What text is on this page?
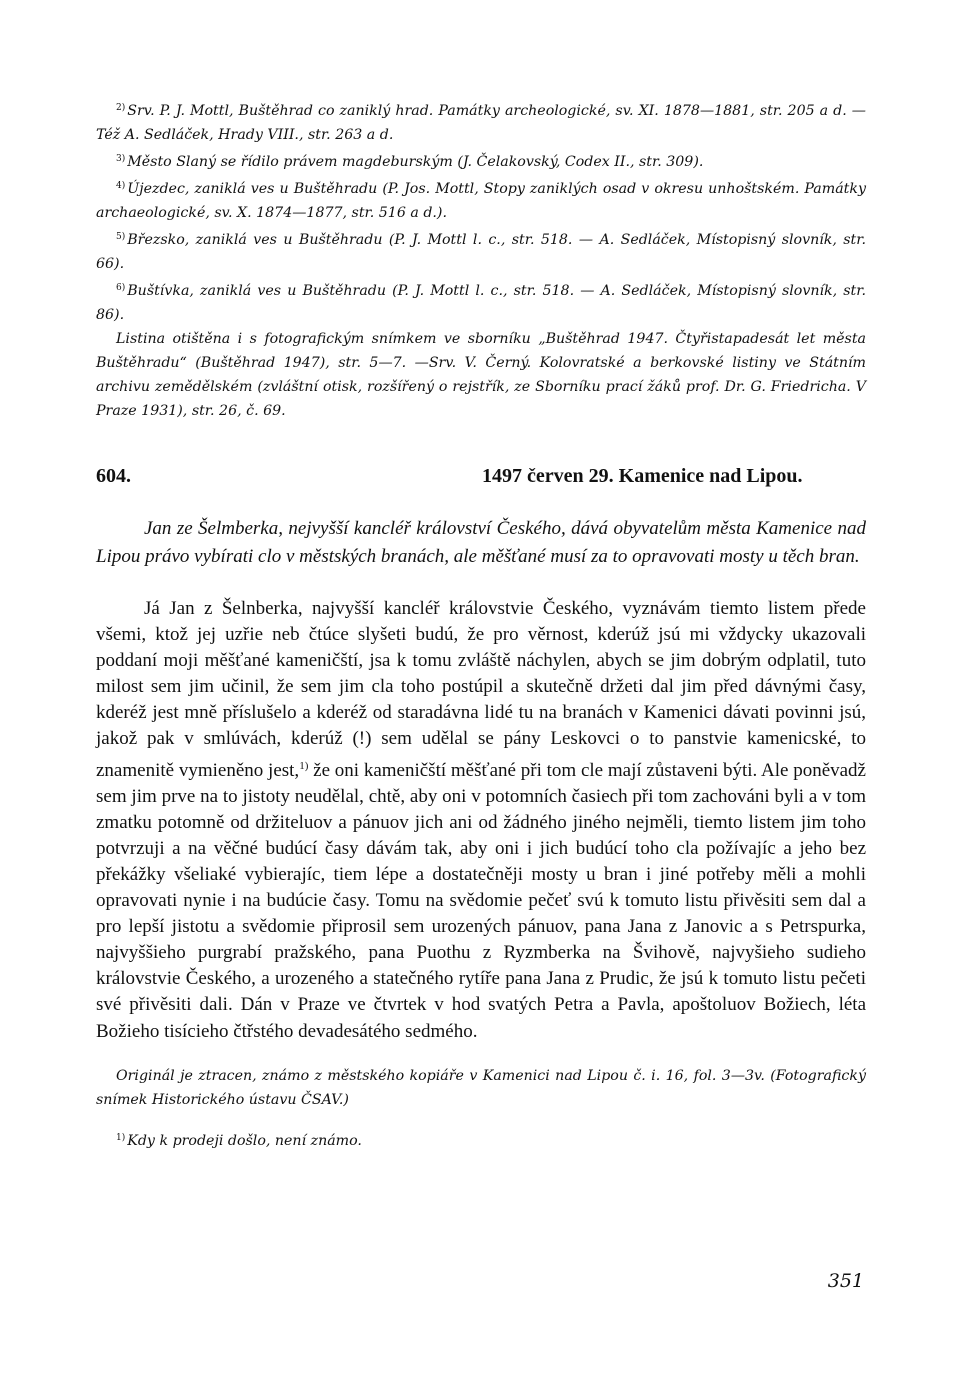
$^{2)}$ Srv. P. J. Mottl, Buštěhrad co zaniklý hrad. Památky archeologické, sv. XI. 1878—1881, str. 205 a d. — Též A. Sedláček, Hrady VIII., str. 263 a d.

$^{3)}$ Město Slaný se řídilo právem magdeburským (J. Čelakovský, Codex II., str. 309).

$^{4)}$ Újezdec, zaniklá ves u Buštěhradu (P. Jos. Mottl, Stopy zaniklých osad v okresu unhoštském. Památky archaeologické, sv. X. 1874—1877, str. 516 a d.).

$^{5)}$ Březsko, zaniklá ves u Buštěhradu (P. J. Mottl l. c., str. 518. — A. Sedláček, Místopisný slovník, str. 66).

$^{6)}$ Buštívka, zaniklá ves u Buštěhradu (P. J. Mottl l. c., str. 518. — A. Sedláček, Místopisný slovník, str. 86).

Listina otištěna i s fotografickým snímkem ve sborníku „Buštěhrad 1947. Čtyřistapadesát let města Buštěhradu“ (Buštěhrad 1947), str. 5—7. —Srv. V. Černý. Kolovratské a berkovské listiny ve Státním archivu zemědělském (zvláštní otisk, rozšířený o rejstřík, ze Sborníku prací žáků prof. Dr. G. Friedricha. V Praze 1931), str. 26, č. 69.

604.	1497 červen 29. Kamenice nad Lipou.

Jan ze Šelmberka, nejvyšší kancléř království Českého, dává obyvatelům města Kamenice nad Lipou právo vybírati clo v městských branách, ale měšťané musí za to opravovati mosty u těch bran.

Já Jan z Šelnberka, najvyšší kancléř královstvie Českého, vyznávám tiemto listem přede všemi, ktož jej uzřie neb čtúce slyšeti budú, že pro věrnost, kderúž jsú mi vždycky ukazovali poddaní moji měšťané kameničští, jsa k tomu zvláště náchylen, abych se jim dobrým odplatil, tuto milost sem jim učinil, že sem jim cla toho postúpil a skutečně držeti dal jim před dávnými časy, kderéž jest mně příslušelo a kderéž od staradávna lidé tu na branách v Kamenici dávati povinni jsú, jakož pak v smlúvách, kderúž (!) sem udělal se pány Leskovci o to panstvie kamenicské, to znamenitě vymieněno jest,$^{1)}$ že oni kameničští měšťané při tom cle mají zůstaveni býti. Ale poněvadž sem jim prve na to jistoty neudělal, chtě, aby oni v potomních časiech při tom zachováni byli a v tom zmatku potomně od držiteluov a pánuov jich ani od žádného jiného nejměli, tiemto listem jim toho potvrzuji a na věčné budúcí časy dávám tak, aby oni i jich budúcí toho cla požívajíc a jeho bez překážky všeliaké vybierajíc, tiem lépe a dostatečněji mosty u bran i jiné potřeby měli a mohli opravovati nynie i na budúcie časy. Tomu na svědomie pečeť svú k tomuto listu přivěsiti sem dal a pro lepší jistotu a svědomie připrosil sem urozených pánuov, pana Jana z Janovic a s Petrspurka, najvyššieho purgrabí pražského, pana Puothu z Ryzmberka na Švihově, najvyšieho sudieho královstvie Českého, a urozeného a statečného rytíře pana Jana z Prudic, že jsú k tomuto listu pečeti své přivěsiti dali. Dán v Praze ve čtvrtek v hod svatých Petra a Pavla, apoštoluov Božiech, léta Božieho tisícieho čtřstého devadesátého sedmého.

Originál je ztracen, známo z městského kopiáře v Kamenici nad Lipou č. i. 16, fol. 3—3v. (Fotografický snímek Historického ústavu ČSAV.)

$^{1)}$ Kdy k prodeji došlo, není známo.

351
